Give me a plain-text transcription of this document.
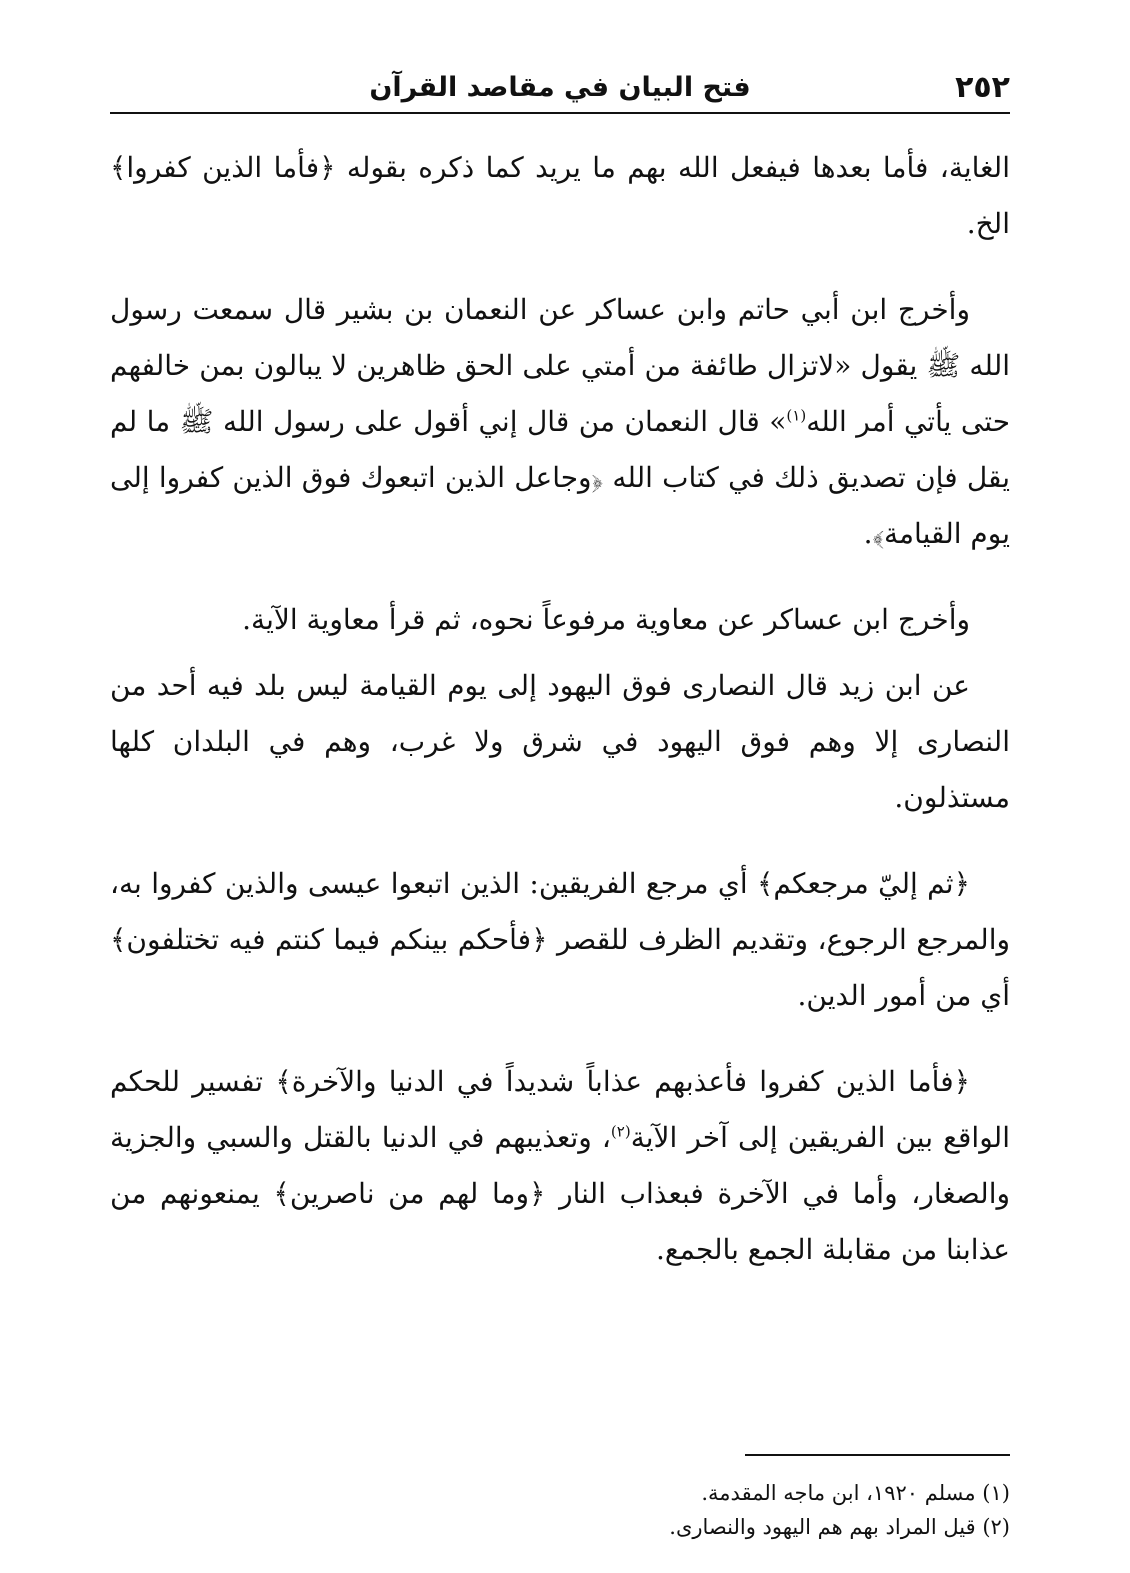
٢٥٢
فتح البيان في مقاصد القرآن

الغاية، فأما بعدها فيفعل الله بهم ما يريد كما ذكره بقوله ﴿فأما الذين كفروا﴾ الخ.

وأخرج ابن أبي حاتم وابن عساكر عن النعمان بن بشير قال سمعت رسول الله ﷺ يقول «لاتزال طائفة من أمتي على الحق ظاهرين لا يبالون بمن خالفهم حتى يأتي أمر الله$^{(١)}$» قال النعمان من قال إني أقول على رسول الله ﷺ ما لم يقل فإن تصديق ذلك في كتاب الله ﴿وجاعل الذين اتبعوك فوق الذين كفروا إلى يوم القيامة﴾.

وأخرج ابن عساكر عن معاوية مرفوعاً نحوه، ثم قرأ معاوية الآية.

عن ابن زيد قال النصارى فوق اليهود إلى يوم القيامة ليس بلد فيه أحد من النصارى إلا وهم فوق اليهود في شرق ولا غرب، وهم في البلدان كلها مستذلون.

﴿ثم إليّ مرجعكم﴾ أي مرجع الفريقين: الذين اتبعوا عيسى والذين كفروا به، والمرجع الرجوع، وتقديم الظرف للقصر ﴿فأحكم بينكم فيما كنتم فيه تختلفون﴾ أي من أمور الدين.

﴿فأما الذين كفروا فأعذبهم عذاباً شديداً في الدنيا والآخرة﴾ تفسير للحكم الواقع بين الفريقين إلى آخر الآية$^{(٢)}$، وتعذيبهم في الدنيا بالقتل والسبي والجزية والصغار، وأما في الآخرة فبعذاب النار ﴿وما لهم من ناصرين﴾ يمنعونهم من عذابنا من مقابلة الجمع بالجمع.

(١) مسلم ١٩٢٠، ابن ماجه المقدمة.

(٢) قيل المراد بهم هم اليهود والنصارى.
